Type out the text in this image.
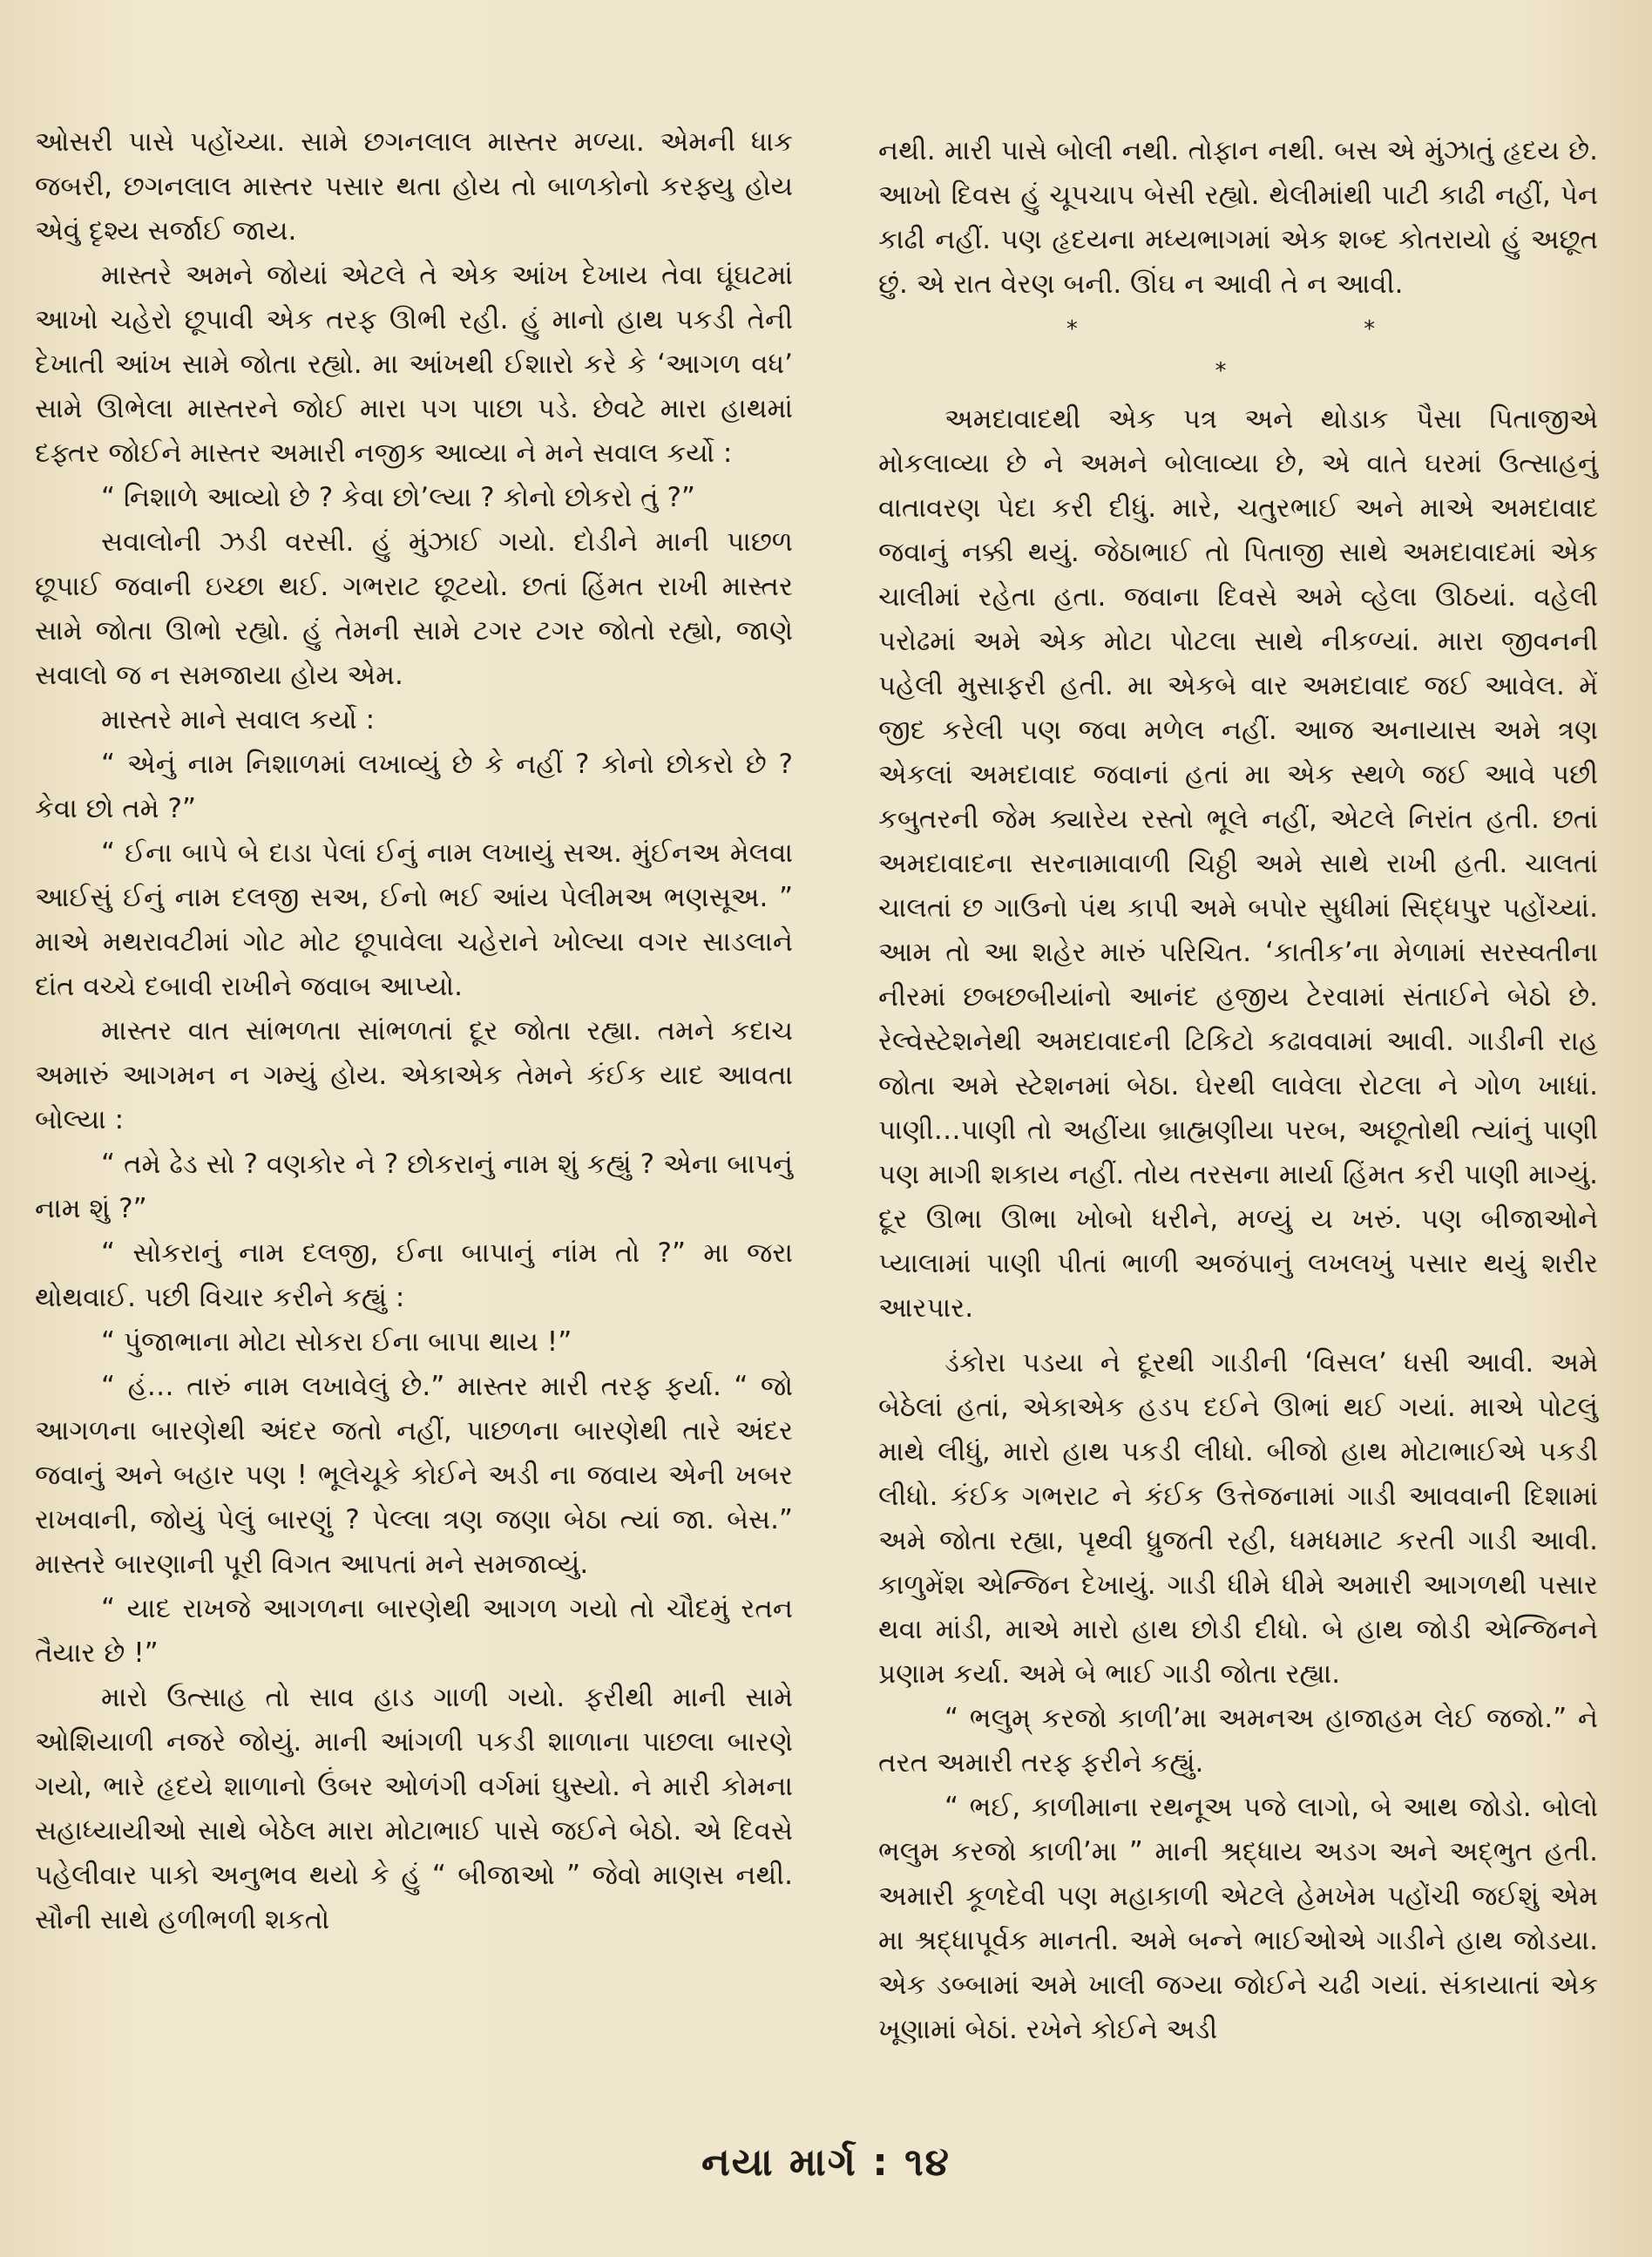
ઓસરી પાસે પહોંચ્યા. સામે છગનલાલ માસ્તર મળ્યા. એમની ધાક જબરી, છગનલાલ માસ્તર પસાર થતા હોય તો બાળકોનો કરફ્યુ હોય એવું દૃશ્ય સર્જાઈ જાય.

માસ્તરે અમને જોયાં એટલે તે એક આંખ દેખાય તેવા ઘૂંઘટમાં આખો ચહેરો છૂપાવી એક તરફ ઊભી રહી. હું માનો હાથ પકડી તેની દેખાતી આંખ સામે જોતા રહ્યો. મા આંખથી ઈશારો કરે કે ‘આગળ વધ’ સામે ઊભેલા માસ્તરને જોઈ મારા પગ પાછા પડે. છેવટે મારા હાથમાં દફ્તર જોઈને માસ્તર અમારી નજીક આવ્યા ને મને સવાલ કર્યો :

“ નિશાળે આવ્યો છે ? કેવા છો’લ્યા ? કોનો છોકરો તું ?”

સવાલોની ઝડી વરસી. હું મુંઝાઈ ગયો. દોડીને માની પાછળ છૂપાઈ જવાની ઇચ્છા થઈ. ગભરાટ છૂટયો. છતાં હિંમત રાખી માસ્તર સામે જોતા ઊભો રહ્યો. હું તેમની સામે ટગર ટગર જોતો રહ્યો, જાણે સવાલો જ ન સમજાયા હોય એમ.

માસ્તરે માને સવાલ કર્યો :

“ એનું નામ નિશાળમાં લખાવ્યું છે કે નહીં ? કોનો છોકરો છે ? કેવા છો તમે ?”

“ ઈના બાપે બે દાડા પેલાં ઈનું નામ લખાયું સઅ. મુંઈનઅ મેલવા આઈસું ઈનું નામ દલજી સઅ, ઈનો ભઈ આંય પેલીમઅ ભણસૂઅ. ” માએ મથરાવટીમાં ગોટ મોટ છૂપાવેલા ચહેરાને ખોલ્યા વગર સાડલાને દાંત વચ્ચે દબાવી રાખીને જવાબ આપ્યો.

માસ્તર વાત સાંભળતા સાંભળતાં દૂર જોતા રહ્યા. તમને કદાચ અમારું આગમન ન ગમ્યું હોય. એકાએક તેમને કંઈક યાદ આવતા બોલ્યા :

“ તમે ઢેડ સો ? વણકોર ને ? છોકરાનું નામ શું કહ્યું ? એના બાપનું નામ શું ?”

“ સોકરાનું નામ દલજી, ઈના બાપાનું નાંમ તો ?” મા જરા થોથવાઈ. પછી વિચાર કરીને કહ્યું :

“ પુંજાભાના મોટા સોકરા ઈના બાપા થાય !”

“ હં… તારું નામ લખાવેલું છે.” માસ્તર મારી તરફ ફર્યા. “ જો આગળના બારણેથી અંદર જતો નહીં, પાછળના બારણેથી તારે અંદર જવાનું અને બહાર પણ ! ભૂલેચૂકે કોઈને અડી ના જવાય એની ખબર રાખવાની, જોયું પેલું બારણું ? પેલ્લા ત્રણ જણા બેઠા ત્યાં જા. બેસ.” માસ્તરે બારણાની પૂરી વિગત આપતાં મને સમજાવ્યું.

“ યાદ રાખજે આગળના બારણેથી આગળ ગયો તો ચૌદમું રતન તૈયાર છે !”

મારો ઉત્સાહ તો સાવ હાડ ગાળી ગયો. ફરીથી માની સામે ઓશિયાળી નજરે જોયું. માની આંગળી પકડી શાળાના પાછલા બારણે ગયો, ભારે હૃદયે શાળાનો ઉંબર ઓળંગી વર્ગમાં ઘુસ્યો. ને મારી કોમના સહાધ્યાયીઓ સાથે બેઠેલ મારા મોટાભાઈ પાસે જઈને બેઠો. એ દિવસે પહેલીવાર પાકો અનુભવ થયો કે હું “ બીજાઓ ” જેવો માણસ નથી. સૌની સાથે હળીભળી શકતો

નથી. મારી પાસે બોલી નથી. તોફાન નથી. બસ એ મુંઝાતું હૃદય છે. આખો દિવસ હું ચૂપચાપ બેસી રહ્યો. થેલીમાંથી પાટી કાઢી નહીં, પેન કાઢી નહીં. પણ હૃદયના મધ્યભાગમાં એક શબ્દ કોતરાયો હું અછૂત છું. એ રાત વેરણ બની. ઊંઘ ન આવી તે ન આવી.

* * *

અમદાવાદથી એક પત્ર અને થોડાક પૈસા પિતાજીએ મોકલાવ્યા છે ને અમને બોલાવ્યા છે, એ વાતે ઘરમાં ઉત્સાહનું વાતાવરણ પેદા કરી દીધું. મારે, ચતુરભાઈ અને માએ અમદાવાદ જવાનું નક્કી થયું. જેઠાભાઈ તો પિતાજી સાથે અમદાવાદમાં એક ચાલીમાં રહેતા હતા. જવાના દિવસે અમે વ્હેલા ઊઠયાં. વહેલી પરોઢમાં અમે એક મોટા પોટલા સાથે નીકળ્યાં. મારા જીવનની પહેલી મુસાફરી હતી. મા એકબે વાર અમદાવાદ જઈ આવેલ. મેં જીદ કરેલી પણ જવા મળેલ નહીં. આજ અનાયાસ અમે ત્રણ એકલાં અમદાવાદ જવાનાં હતાં મા એક સ્થળે જઈ આવે પછી કબુતરની જેમ ક્યારેય રસ્તો ભૂલે નહીં, એટલે નિરાંત હતી. છતાં અમદાવાદના સરનામાવાળી ચિઠ્ઠી અમે સાથે રાખી હતી. ચાલતાં ચાલતાં છ ગાઉનો પંથ કાપી અમે બપોર સુધીમાં સિદ્ધપુર પહોંચ્યાં. આમ તો આ શહેર મારું પરિચિત. ‘કાતીક’ના મેળામાં સરસ્વતીના નીરમાં છબછબીયાંનો આનંદ હજીય ટેરવામાં સંતાઈને બેઠો છે. રેલ્વેસ્ટેશનેથી અમદાવાદની ટિકિટો કઢાવવામાં આવી. ગાડીની રાહ જોતા અમે સ્ટેશનમાં બેઠા. ઘેરથી લાવેલા રોટલા ને ગોળ ખાધાં. પાણી…પાણી તો અહીંયા બ્રાહ્મણીયા પરબ, અછૂતોથી ત્યાંનું પાણી પણ માગી શકાય નહીં. તોય તરસના માર્યા હિંમત કરી પાણી માગ્યું. દૂર ઊભા ઊભા ખોબો ધરીને, મળ્યું ય ખરું. પણ બીજાઓને પ્યાલામાં પાણી પીતાં ભાળી અજંપાનું લખલખું પસાર થયું શરીર આરપાર.

ડંકોરા પડયા ને દૂરથી ગાડીની ‘વિસલ’ ધસી આવી. અમે બેઠેલાં હતાં, એકાએક હડપ દઈને ઊભાં થઈ ગયાં. માએ પોટલું માથે લીધું, મારો હાથ પકડી લીધો. બીજો હાથ મોટાભાઈએ પકડી લીધો. કંઈક ગભરાટ ને કંઈક ઉત્તેજનામાં ગાડી આવવાની દિશામાં અમે જોતા રહ્યા, પૃથ્વી ધ્રુજતી રહી, ધમધમાટ કરતી ગાડી આવી. કાળુમેંશ એન્જિન દેખાયું. ગાડી ધીમે ધીમે અમારી આગળથી પસાર થવા માંડી, માએ મારો હાથ છોડી દીધો. બે હાથ જોડી એન્જિનને પ્રણામ કર્યા. અમે બે ભાઈ ગાડી જોતા રહ્યા.

“ ભલુમ્ કરજો કાળી’મા અમનઅ હાજાહમ લેઈ જજો.” ને તરત અમારી તરફ ફરીને કહ્યું.

“ ભઈ, કાળીમાના રથનૂઅ પજે લાગો, બે આથ જોડો. બોલો ભલુમ કરજો કાળી’મા ” માની શ્રદ્ધાય અડગ અને અદ્ભુત હતી. અમારી કૂળદેવી પણ મહાકાળી એટલે હેમખેમ પહોંચી જઈશું એમ મા શ્રદ્ધાપૂર્વક માનતી. અમે બન્ને ભાઈઓએ ગાડીને હાથ જોડયા. એક ડબ્બામાં અમે ખાલી જગ્યા જોઈને ચઢી ગયાં. સંકાયાતાં એક ખૂણામાં બેઠાં. રખેને કોઈને અડી

નયા માર્ગ : ૧૪
